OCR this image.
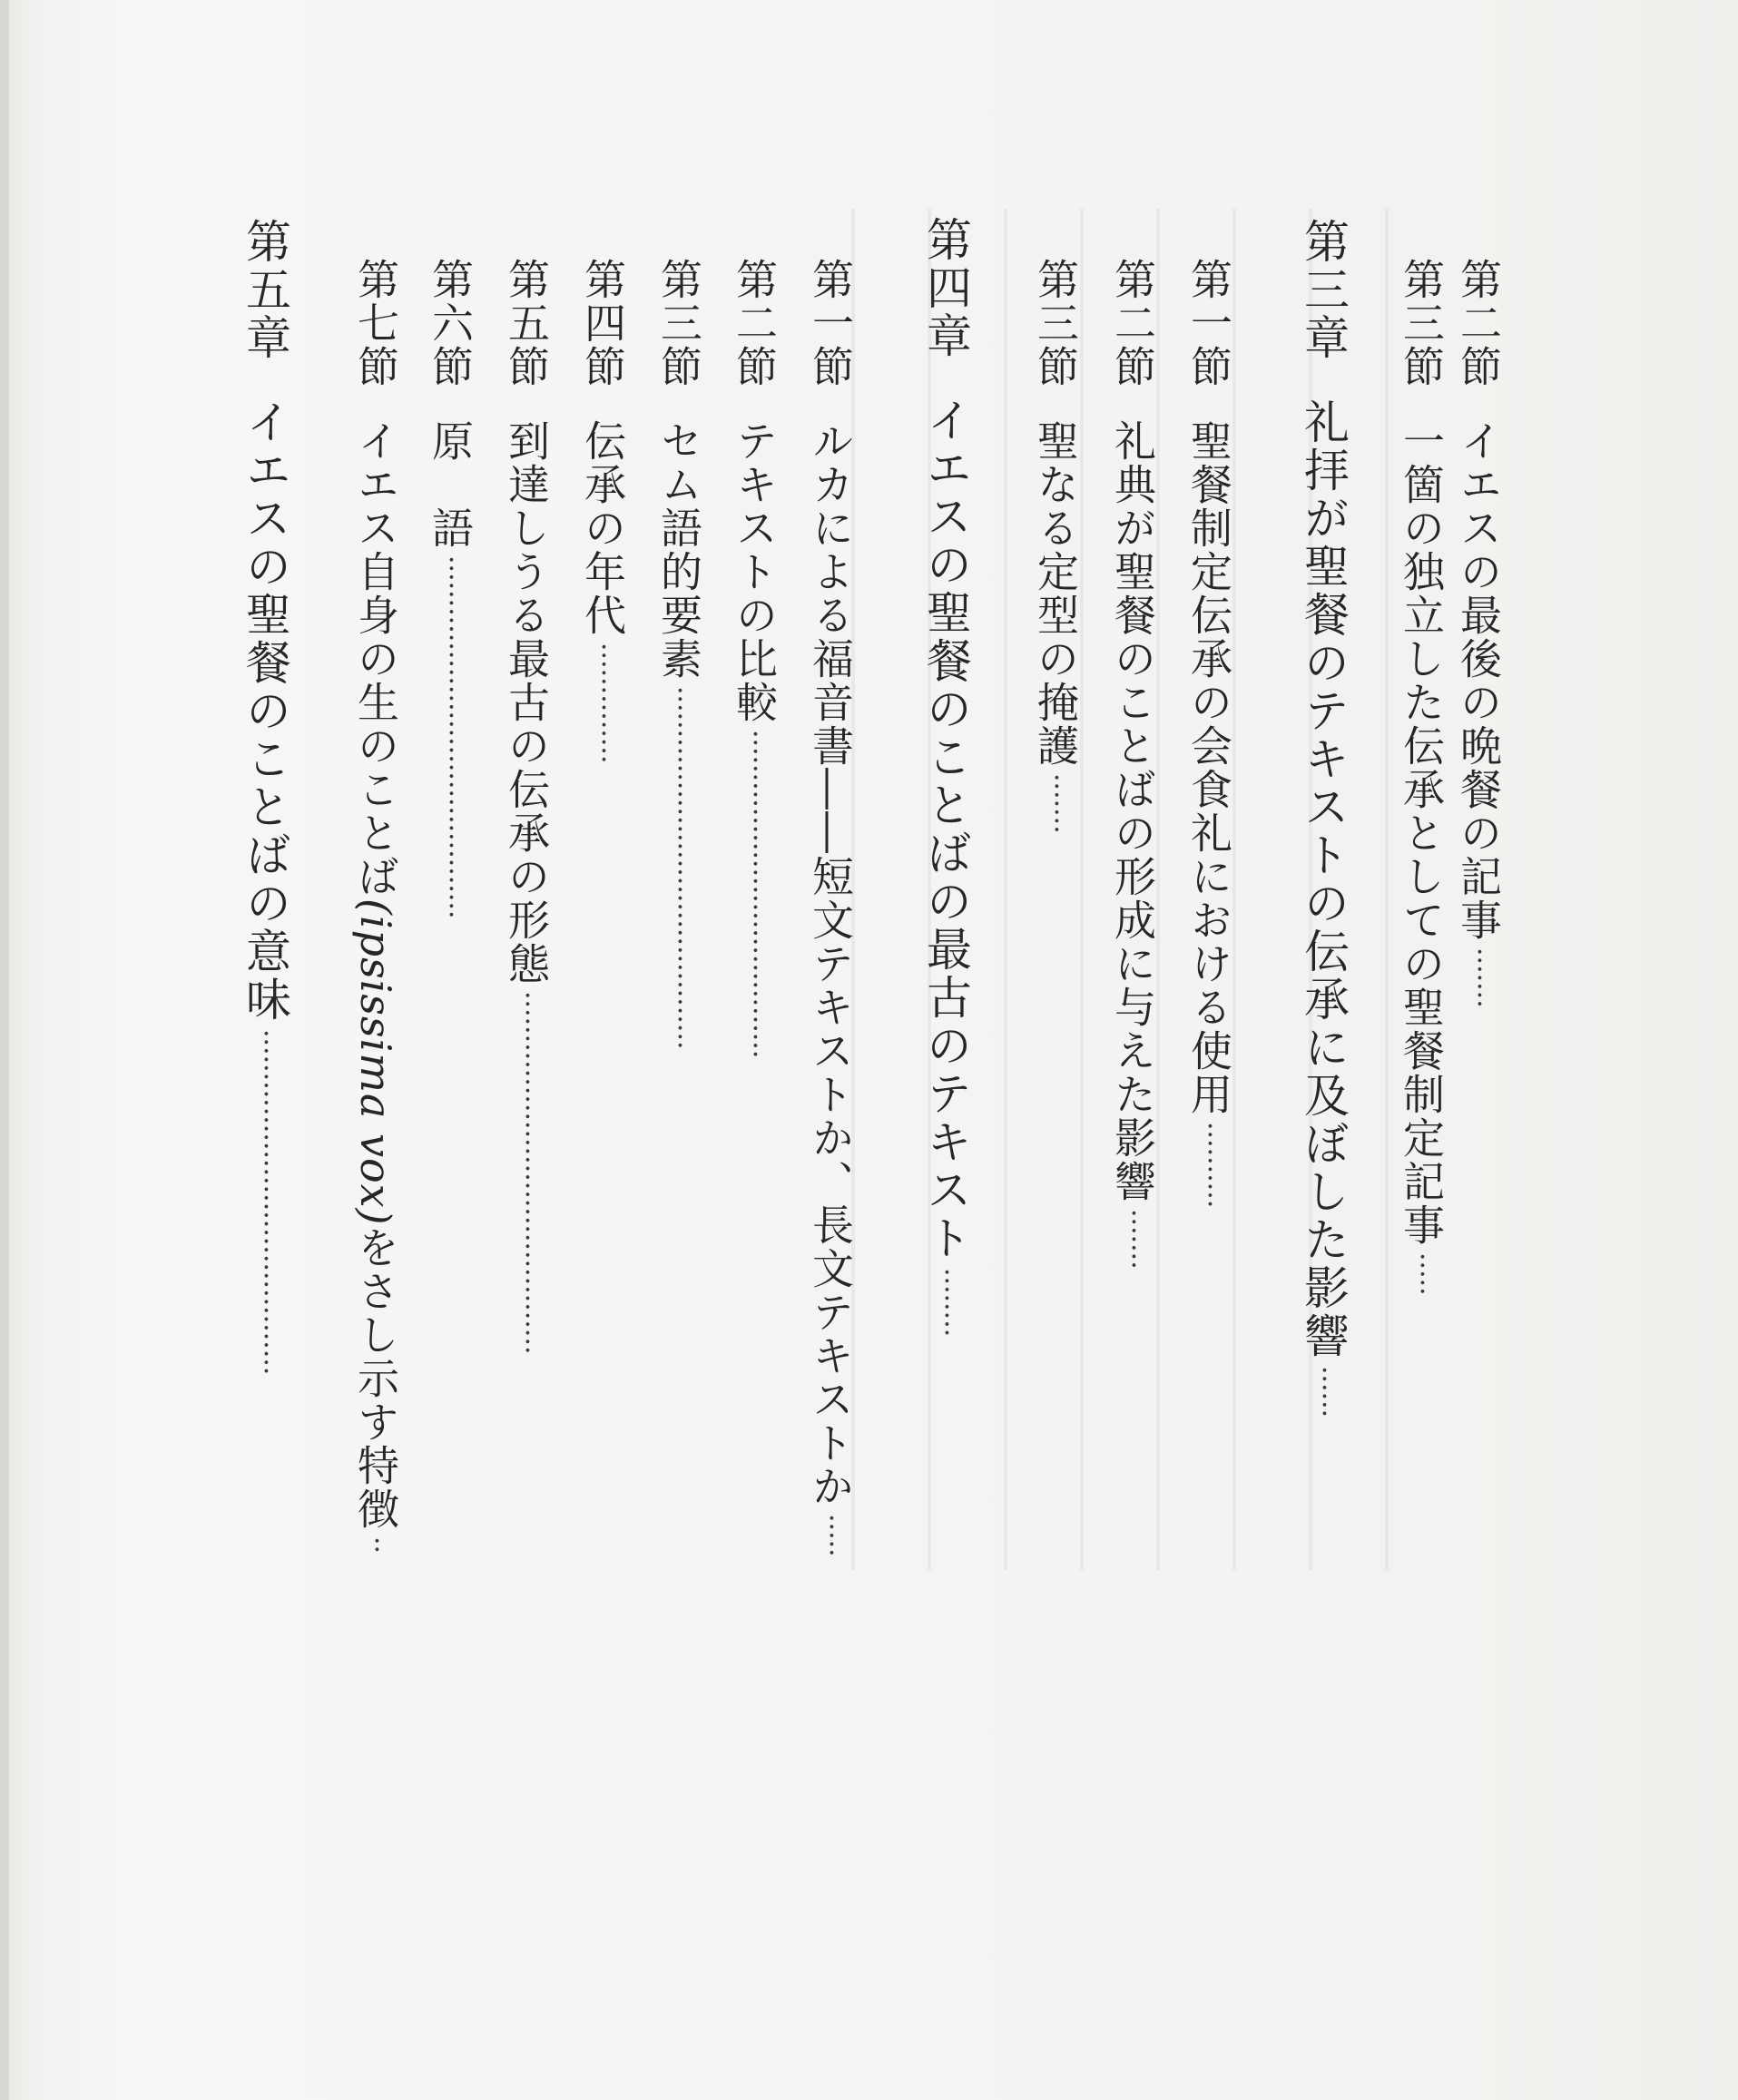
第二節イエスの最後の晩餐の記事·······
第三節一箇の独立した伝承としての聖餐制定記事·····
第三章礼拝が聖餐のテキストの伝承に及ぼした影響······
第一節聖餐制定伝承の会食礼における使用··········
第二節礼典が聖餐のことばの形成に与えた影響·······
第三節聖なる定型の掩護·······
第四章イエスの聖餐のことばの最古のテキスト········
第一節ルカによる福音書――短文テキストか、長文テキストか·····
第二節テキストの比較······································
第三節セム語的要素··········································
第四節伝承の年代··············
第五節到達しうる最古の伝承の形態··········································
第六節原　語··········································
第七節イエス自身の生のことば(ipsissima vox)をさし示す特徴··
第五章イエスの聖餐のことばの意味········································
